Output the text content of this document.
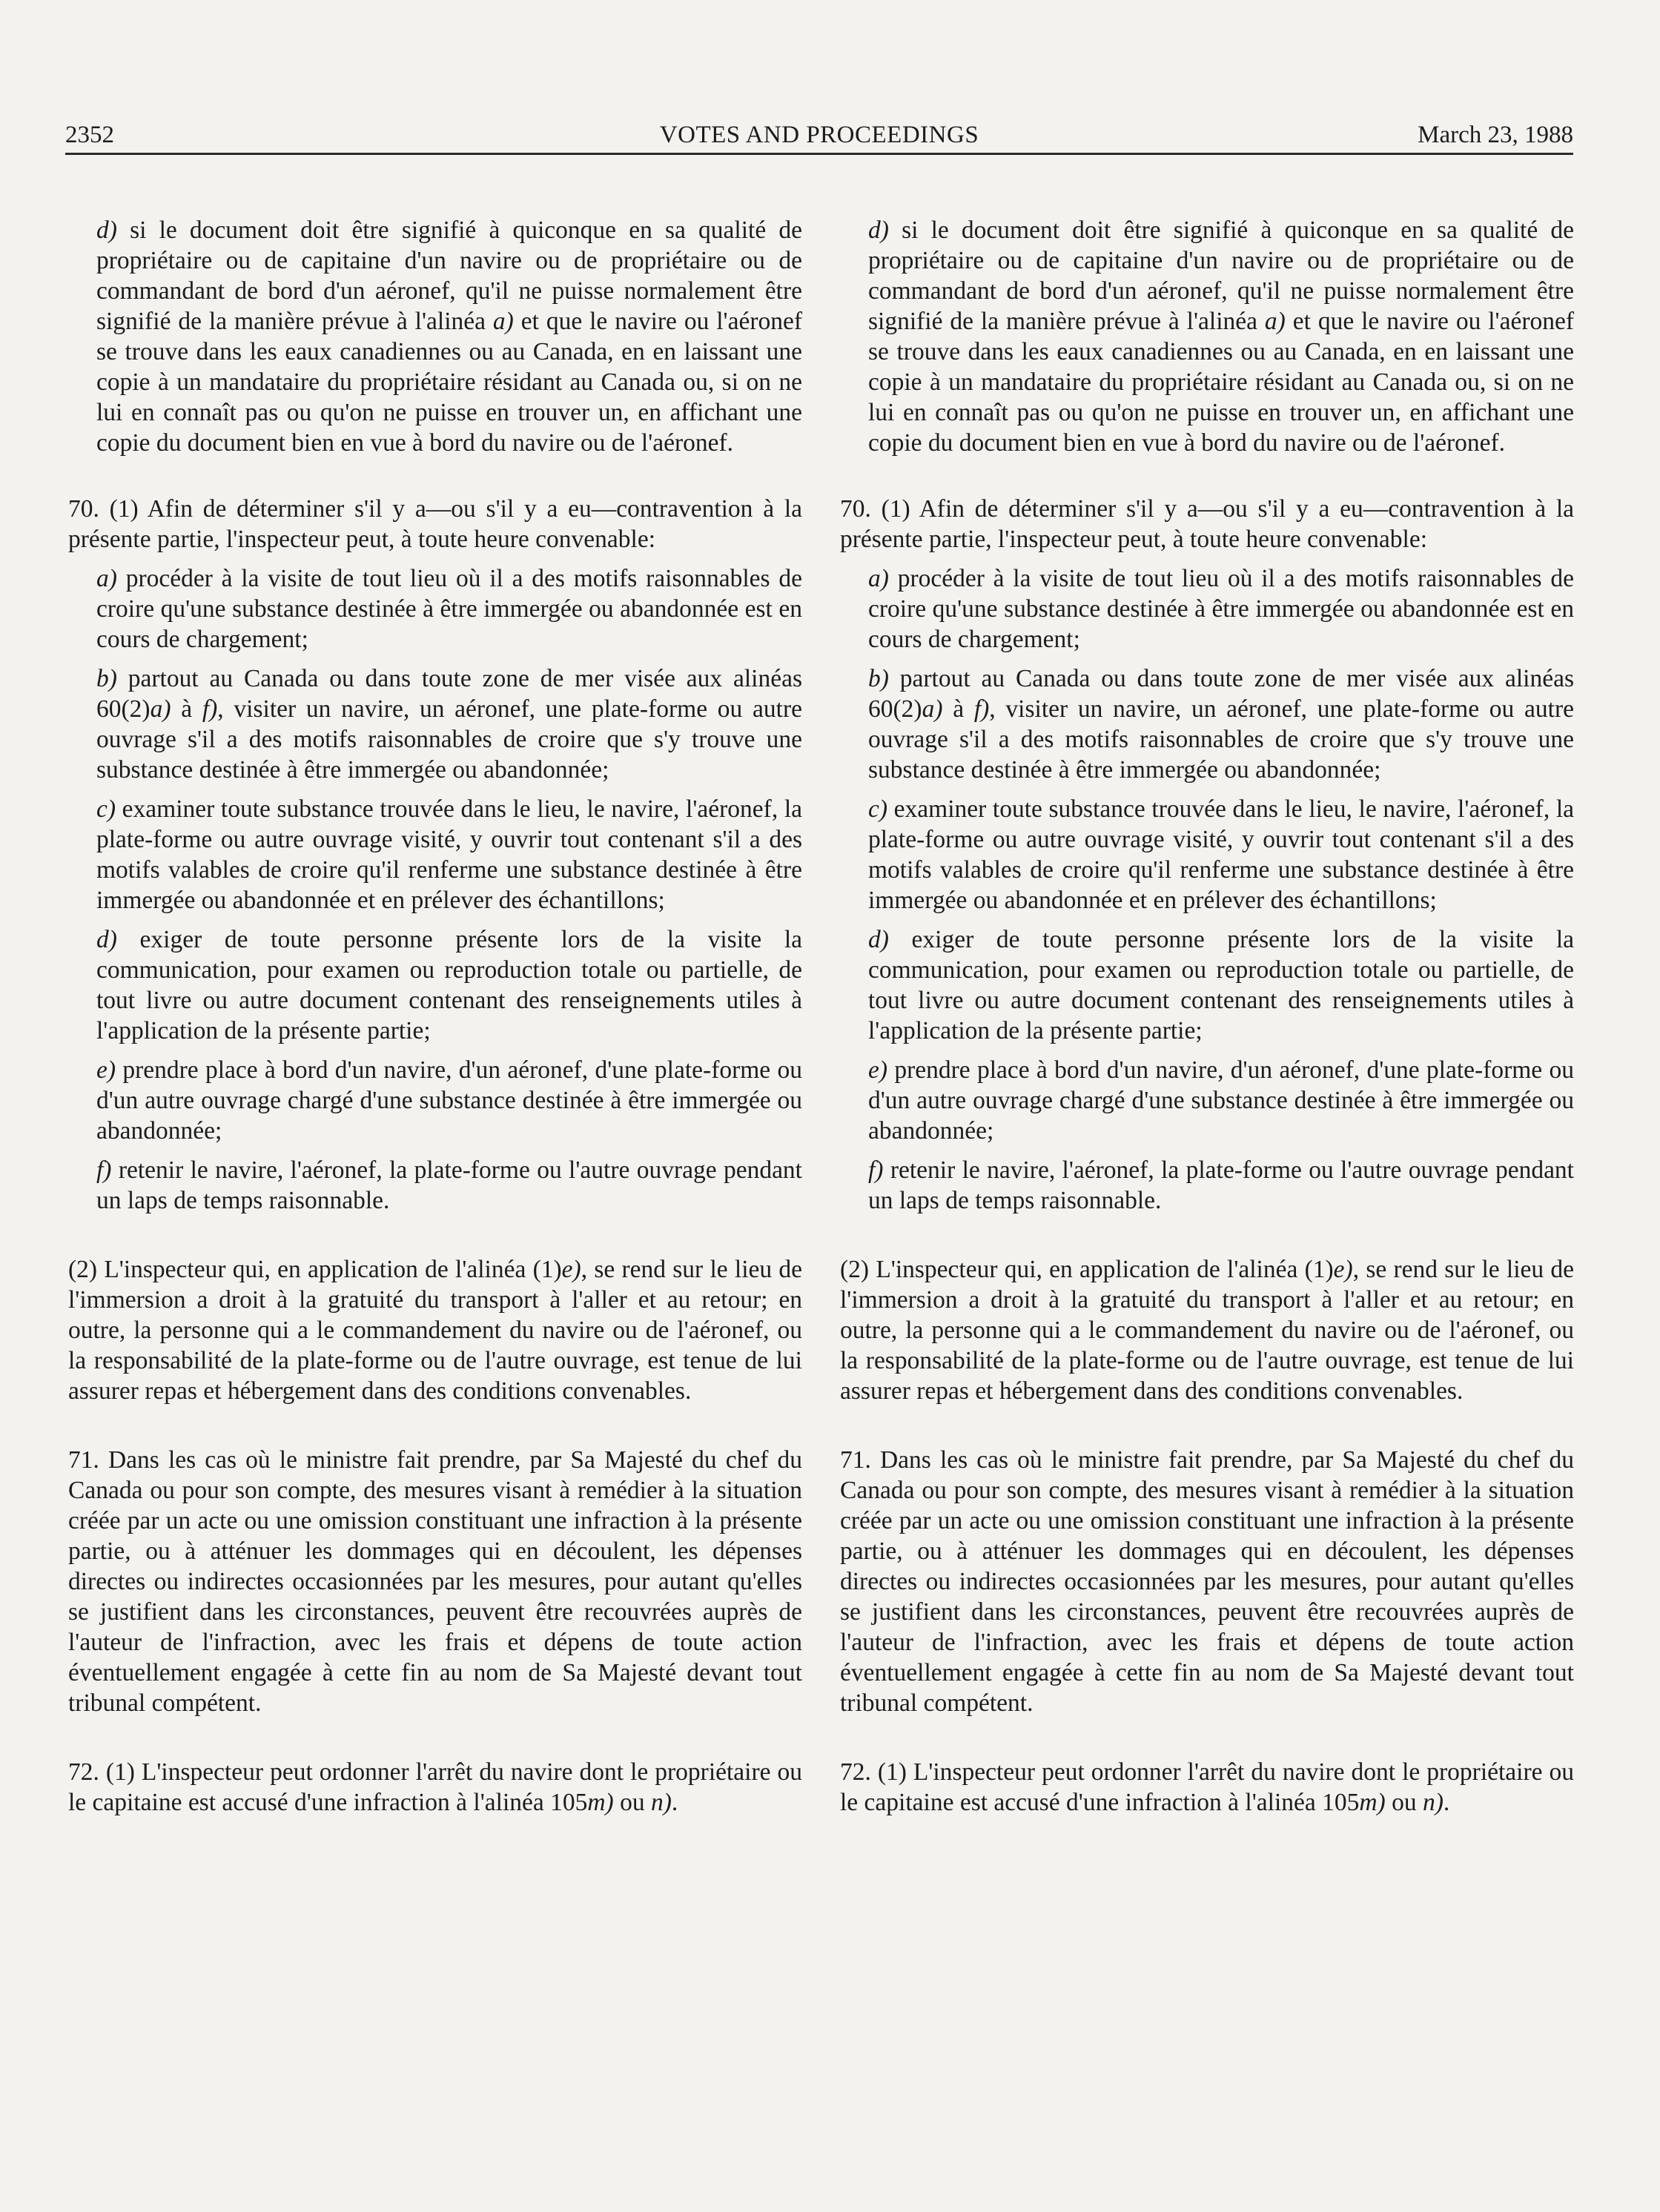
2352	VOTES AND PROCEEDINGS	March 23, 1988

d) si le document doit être signifié à quiconque en sa qualité de propriétaire ou de capitaine d'un navire ou de propriétaire ou de commandant de bord d'un aéronef, qu'il ne puisse normalement être signifié de la manière prévue à l'alinéa a) et que le navire ou l'aéronef se trouve dans les eaux canadiennes ou au Canada, en en laissant une copie à un mandataire du propriétaire résidant au Canada ou, si on ne lui en connaît pas ou qu'on ne puisse en trouver un, en affichant une copie du document bien en vue à bord du navire ou de l'aéronef.

70. (1) Afin de déterminer s'il y a—ou s'il y a eu—contravention à la présente partie, l'inspecteur peut, à toute heure convenable:

a) procéder à la visite de tout lieu où il a des motifs raisonnables de croire qu'une substance destinée à être immergée ou abandonnée est en cours de chargement;

b) partout au Canada ou dans toute zone de mer visée aux alinéas 60(2)a) à f), visiter un navire, un aéronef, une plate-forme ou autre ouvrage s'il a des motifs raisonnables de croire que s'y trouve une substance destinée à être immergée ou abandonnée;

c) examiner toute substance trouvée dans le lieu, le navire, l'aéronef, la plate-forme ou autre ouvrage visité, y ouvrir tout contenant s'il a des motifs valables de croire qu'il renferme une substance destinée à être immergée ou abandonnée et en prélever des échantillons;

d) exiger de toute personne présente lors de la visite la communication, pour examen ou reproduction totale ou partielle, de tout livre ou autre document contenant des renseignements utiles à l'application de la présente partie;

e) prendre place à bord d'un navire, d'un aéronef, d'une plate-forme ou d'un autre ouvrage chargé d'une substance destinée à être immergée ou abandonnée;

f) retenir le navire, l'aéronef, la plate-forme ou l'autre ouvrage pendant un laps de temps raisonnable.

(2) L'inspecteur qui, en application de l'alinéa (1)e), se rend sur le lieu de l'immersion a droit à la gratuité du transport à l'aller et au retour; en outre, la personne qui a le commandement du navire ou de l'aéronef, ou la responsabilité de la plate-forme ou de l'autre ouvrage, est tenue de lui assurer repas et hébergement dans des conditions convenables.

71. Dans les cas où le ministre fait prendre, par Sa Majesté du chef du Canada ou pour son compte, des mesures visant à remédier à la situation créée par un acte ou une omission constituant une infraction à la présente partie, ou à atténuer les dommages qui en découlent, les dépenses directes ou indirectes occasionnées par les mesures, pour autant qu'elles se justifient dans les circonstances, peuvent être recouvrées auprès de l'auteur de l'infraction, avec les frais et dépens de toute action éventuellement engagée à cette fin au nom de Sa Majesté devant tout tribunal compétent.

72. (1) L'inspecteur peut ordonner l'arrêt du navire dont le propriétaire ou le capitaine est accusé d'une infraction à l'alinéa 105m) ou n).

d) si le document doit être signifié à quiconque en sa qualité de propriétaire ou de capitaine d'un navire ou de propriétaire ou de commandant de bord d'un aéronef, qu'il ne puisse normalement être signifié de la manière prévue à l'alinéa a) et que le navire ou l'aéronef se trouve dans les eaux canadiennes ou au Canada, en en laissant une copie à un mandataire du propriétaire résidant au Canada ou, si on ne lui en connaît pas ou qu'on ne puisse en trouver un, en affichant une copie du document bien en vue à bord du navire ou de l'aéronef.

70. (1) Afin de déterminer s'il y a—ou s'il y a eu—contravention à la présente partie, l'inspecteur peut, à toute heure convenable:

a) procéder à la visite de tout lieu où il a des motifs raisonnables de croire qu'une substance destinée à être immergée ou abandonnée est en cours de chargement;

b) partout au Canada ou dans toute zone de mer visée aux alinéas 60(2)a) à f), visiter un navire, un aéronef, une plate-forme ou autre ouvrage s'il a des motifs raisonnables de croire que s'y trouve une substance destinée à être immergée ou abandonnée;

c) examiner toute substance trouvée dans le lieu, le navire, l'aéronef, la plate-forme ou autre ouvrage visité, y ouvrir tout contenant s'il a des motifs valables de croire qu'il renferme une substance destinée à être immergée ou abandonnée et en prélever des échantillons;

d) exiger de toute personne présente lors de la visite la communication, pour examen ou reproduction totale ou partielle, de tout livre ou autre document contenant des renseignements utiles à l'application de la présente partie;

e) prendre place à bord d'un navire, d'un aéronef, d'une plate-forme ou d'un autre ouvrage chargé d'une substance destinée à être immergée ou abandonnée;

f) retenir le navire, l'aéronef, la plate-forme ou l'autre ouvrage pendant un laps de temps raisonnable.

(2) L'inspecteur qui, en application de l'alinéa (1)e), se rend sur le lieu de l'immersion a droit à la gratuité du transport à l'aller et au retour; en outre, la personne qui a le commandement du navire ou de l'aéronef, ou la responsabilité de la plate-forme ou de l'autre ouvrage, est tenue de lui assurer repas et hébergement dans des conditions convenables.

71. Dans les cas où le ministre fait prendre, par Sa Majesté du chef du Canada ou pour son compte, des mesures visant à remédier à la situation créée par un acte ou une omission constituant une infraction à la présente partie, ou à atténuer les dommages qui en découlent, les dépenses directes ou indirectes occasionnées par les mesures, pour autant qu'elles se justifient dans les circonstances, peuvent être recouvrées auprès de l'auteur de l'infraction, avec les frais et dépens de toute action éventuellement engagée à cette fin au nom de Sa Majesté devant tout tribunal compétent.

72. (1) L'inspecteur peut ordonner l'arrêt du navire dont le propriétaire ou le capitaine est accusé d'une infraction à l'alinéa 105m) ou n).
